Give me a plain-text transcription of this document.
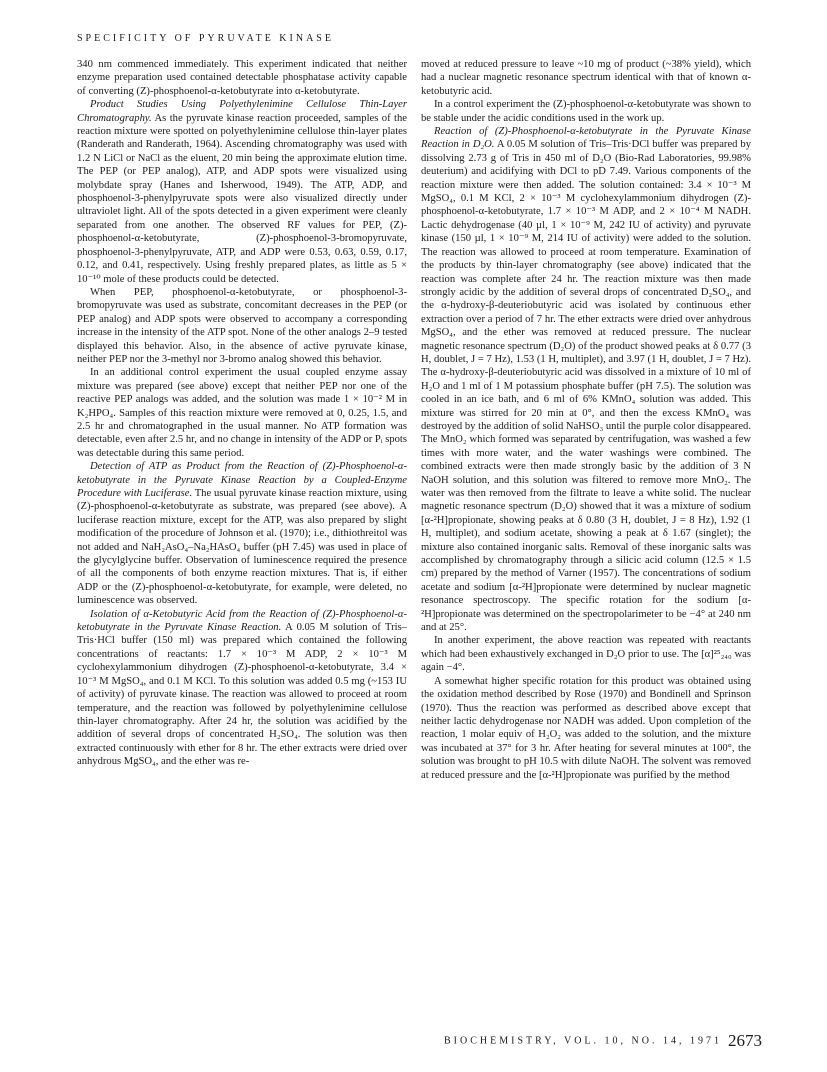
SPECIFICITY OF PYRUVATE KINASE

340 nm commenced immediately. This experiment indicated that neither enzyme preparation used contained detectable phosphatase activity capable of converting (Z)-phosphoenol-α-ketobutyrate into α-ketobutyrate.

Product Studies Using Polyethylenimine Cellulose Thin-Layer Chromatography. As the pyruvate kinase reaction proceeded, samples of the reaction mixture were spotted on polyethylenimine cellulose thin-layer plates (Randerath and Randerath, 1964). Ascending chromatography was used with 1.2 N LiCl or NaCl as the eluent, 20 min being the approximate elution time. The PEP (or PEP analog), ATP, and ADP spots were visualized using molybdate spray (Hanes and Isherwood, 1949). The ATP, ADP, and phosphoenol-3-phenylpyruvate spots were also visualized directly under ultraviolet light. All of the spots detected in a given experiment were cleanly separated from one another. The observed RF values for PEP, (Z)-phosphoenol-α-ketobutyrate, (Z)-phosphoenol-3-bromopyruvate, phosphoenol-3-phenylpyruvate, ATP, and ADP were 0.53, 0.63, 0.59, 0.17, 0.12, and 0.41, respectively. Using freshly prepared plates, as little as 5 × 10⁻¹⁰ mole of these products could be detected.

When PEP, phosphoenol-α-ketobutyrate, or phosphoenol-3-bromopyruvate was used as substrate, concomitant decreases in the PEP (or PEP analog) and ADP spots were observed to accompany a corresponding increase in the intensity of the ATP spot. None of the other analogs 2–9 tested displayed this behavior. Also, in the absence of active pyruvate kinase, neither PEP nor the 3-methyl nor 3-bromo analog showed this behavior.

In an additional control experiment the usual coupled enzyme assay mixture was prepared (see above) except that neither PEP nor one of the reactive PEP analogs was added, and the solution was made 1 × 10⁻² M in K₂HPO₄. Samples of this reaction mixture were removed at 0, 0.25, 1.5, and 2.5 hr and chromatographed in the usual manner. No ATP formation was detectable, even after 2.5 hr, and no change in intensity of the ADP or Pᵢ spots was detectable during this same period.

Detection of ATP as Product from the Reaction of (Z)-Phosphoenol-α-ketobutyrate in the Pyruvate Kinase Reaction by a Coupled-Enzyme Procedure with Luciferase. The usual pyruvate kinase reaction mixture, using (Z)-phosphoenol-α-ketobutyrate as substrate, was prepared (see above). A luciferase reaction mixture, except for the ATP, was also prepared by slight modification of the procedure of Johnson et al. (1970); i.e., dithiothreitol was not added and NaH₂AsO₄–Na₂HAsO₄ buffer (pH 7.45) was used in place of the glycylglycine buffer. Observation of luminescence required the presence of all the components of both enzyme reaction mixtures. That is, if either ADP or the (Z)-phosphoenol-α-ketobutyrate, for example, were deleted, no luminescence was observed.

Isolation of α-Ketobutyric Acid from the Reaction of (Z)-Phosphoenol-α-ketobutyrate in the Pyruvate Kinase Reaction. A 0.05 M solution of Tris–Tris·HCl buffer (150 ml) was prepared which contained the following concentrations of reactants: 1.7 × 10⁻³ M ADP, 2 × 10⁻³ M cyclohexylammonium dihydrogen (Z)-phosphoenol-α-ketobutyrate, 3.4 × 10⁻³ M MgSO₄, and 0.1 M KCl. To this solution was added 0.5 mg (~153 IU of activity) of pyruvate kinase. The reaction was allowed to proceed at room temperature, and the reaction was followed by polyethylenimine cellulose thin-layer chromatography. After 24 hr, the solution was acidified by the addition of several drops of concentrated H₂SO₄. The solution was then extracted continuously with ether for 8 hr. The ether extracts were dried over anhydrous MgSO₄, and the ether was re-

moved at reduced pressure to leave ~10 mg of product (~38% yield), which had a nuclear magnetic resonance spectrum identical with that of known α-ketobutyric acid.

In a control experiment the (Z)-phosphoenol-α-ketobutyrate was shown to be stable under the acidic conditions used in the work up.

Reaction of (Z)-Phosphoenol-α-ketobutyrate in the Pyruvate Kinase Reaction in D₂O. A 0.05 M solution of Tris–Tris·DCl buffer was prepared by dissolving 2.73 g of Tris in 450 ml of D₂O (Bio-Rad Laboratories, 99.98% deuterium) and acidifying with DCl to pD 7.49. Various components of the reaction mixture were then added. The solution contained: 3.4 × 10⁻³ M MgSO₄, 0.1 M KCl, 2 × 10⁻³ M cyclohexylammonium dihydrogen (Z)-phosphoenol-α-ketobutyrate, 1.7 × 10⁻³ M ADP, and 2 × 10⁻⁴ M NADH. Lactic dehydrogenase (40 µl, 1 × 10⁻⁹ M, 242 IU of activity) and pyruvate kinase (150 µl, 1 × 10⁻⁹ M, 214 IU of activity) were added to the solution. The reaction was allowed to proceed at room temperature. Examination of the products by thin-layer chromatography (see above) indicated that the reaction was complete after 24 hr. The reaction mixture was then made strongly acidic by the addition of several drops of concentrated D₂SO₄, and the α-hydroxy-β-deuteriobutyric acid was isolated by continuous ether extraction over a period of 7 hr. The ether extracts were dried over anhydrous MgSO₄, and the ether was removed at reduced pressure. The nuclear magnetic resonance spectrum (D₂O) of the product showed peaks at δ 0.77 (3 H, doublet, J = 7 Hz), 1.53 (1 H, multiplet), and 3.97 (1 H, doublet, J = 7 Hz). The α-hydroxy-β-deuteriobutyric acid was dissolved in a mixture of 10 ml of H₂O and 1 ml of 1 M potassium phosphate buffer (pH 7.5). The solution was cooled in an ice bath, and 6 ml of 6% KMnO₄ solution was added. This mixture was stirred for 20 min at 0°, and then the excess KMnO₄ was destroyed by the addition of solid NaHSO₃ until the purple color disappeared. The MnO₂ which formed was separated by centrifugation, was washed a few times with more water, and the water washings were combined. The combined extracts were then made strongly basic by the addition of 3 N NaOH solution, and this solution was filtered to remove more MnO₂. The water was then removed from the filtrate to leave a white solid. The nuclear magnetic resonance spectrum (D₂O) showed that it was a mixture of sodium [α-²H]propionate, showing peaks at δ 0.80 (3 H, doublet, J = 8 Hz), 1.92 (1 H, multiplet), and sodium acetate, showing a peak at δ 1.67 (singlet); the mixture also contained inorganic salts. Removal of these inorganic salts was accomplished by chromatography through a silicic acid column (12.5 × 1.5 cm) prepared by the method of Varner (1957). The concentrations of sodium acetate and sodium [α-²H]propionate were determined by nuclear magnetic resonance spectroscopy. The specific rotation for the sodium [α-²H]propionate was determined on the spectropolarimeter to be −4° at 240 nm and at 25°.

In another experiment, the above reaction was repeated with reactants which had been exhaustively exchanged in D₂O prior to use. The [α]²⁵₂₄₀ was again −4°.

A somewhat higher specific rotation for this product was obtained using the oxidation method described by Rose (1970) and Bondinell and Sprinson (1970). Thus the reaction was performed as described above except that neither lactic dehydrogenase nor NADH was added. Upon completion of the reaction, 1 molar equiv of H₂O₂ was added to the solution, and the mixture was incubated at 37° for 3 hr. After heating for several minutes at 100°, the solution was brought to pH 10.5 with dilute NaOH. The solvent was removed at reduced pressure and the [α-²H]propionate was purified by the method

BIOCHEMISTRY, VOL. 10, NO. 14, 1971 2673
